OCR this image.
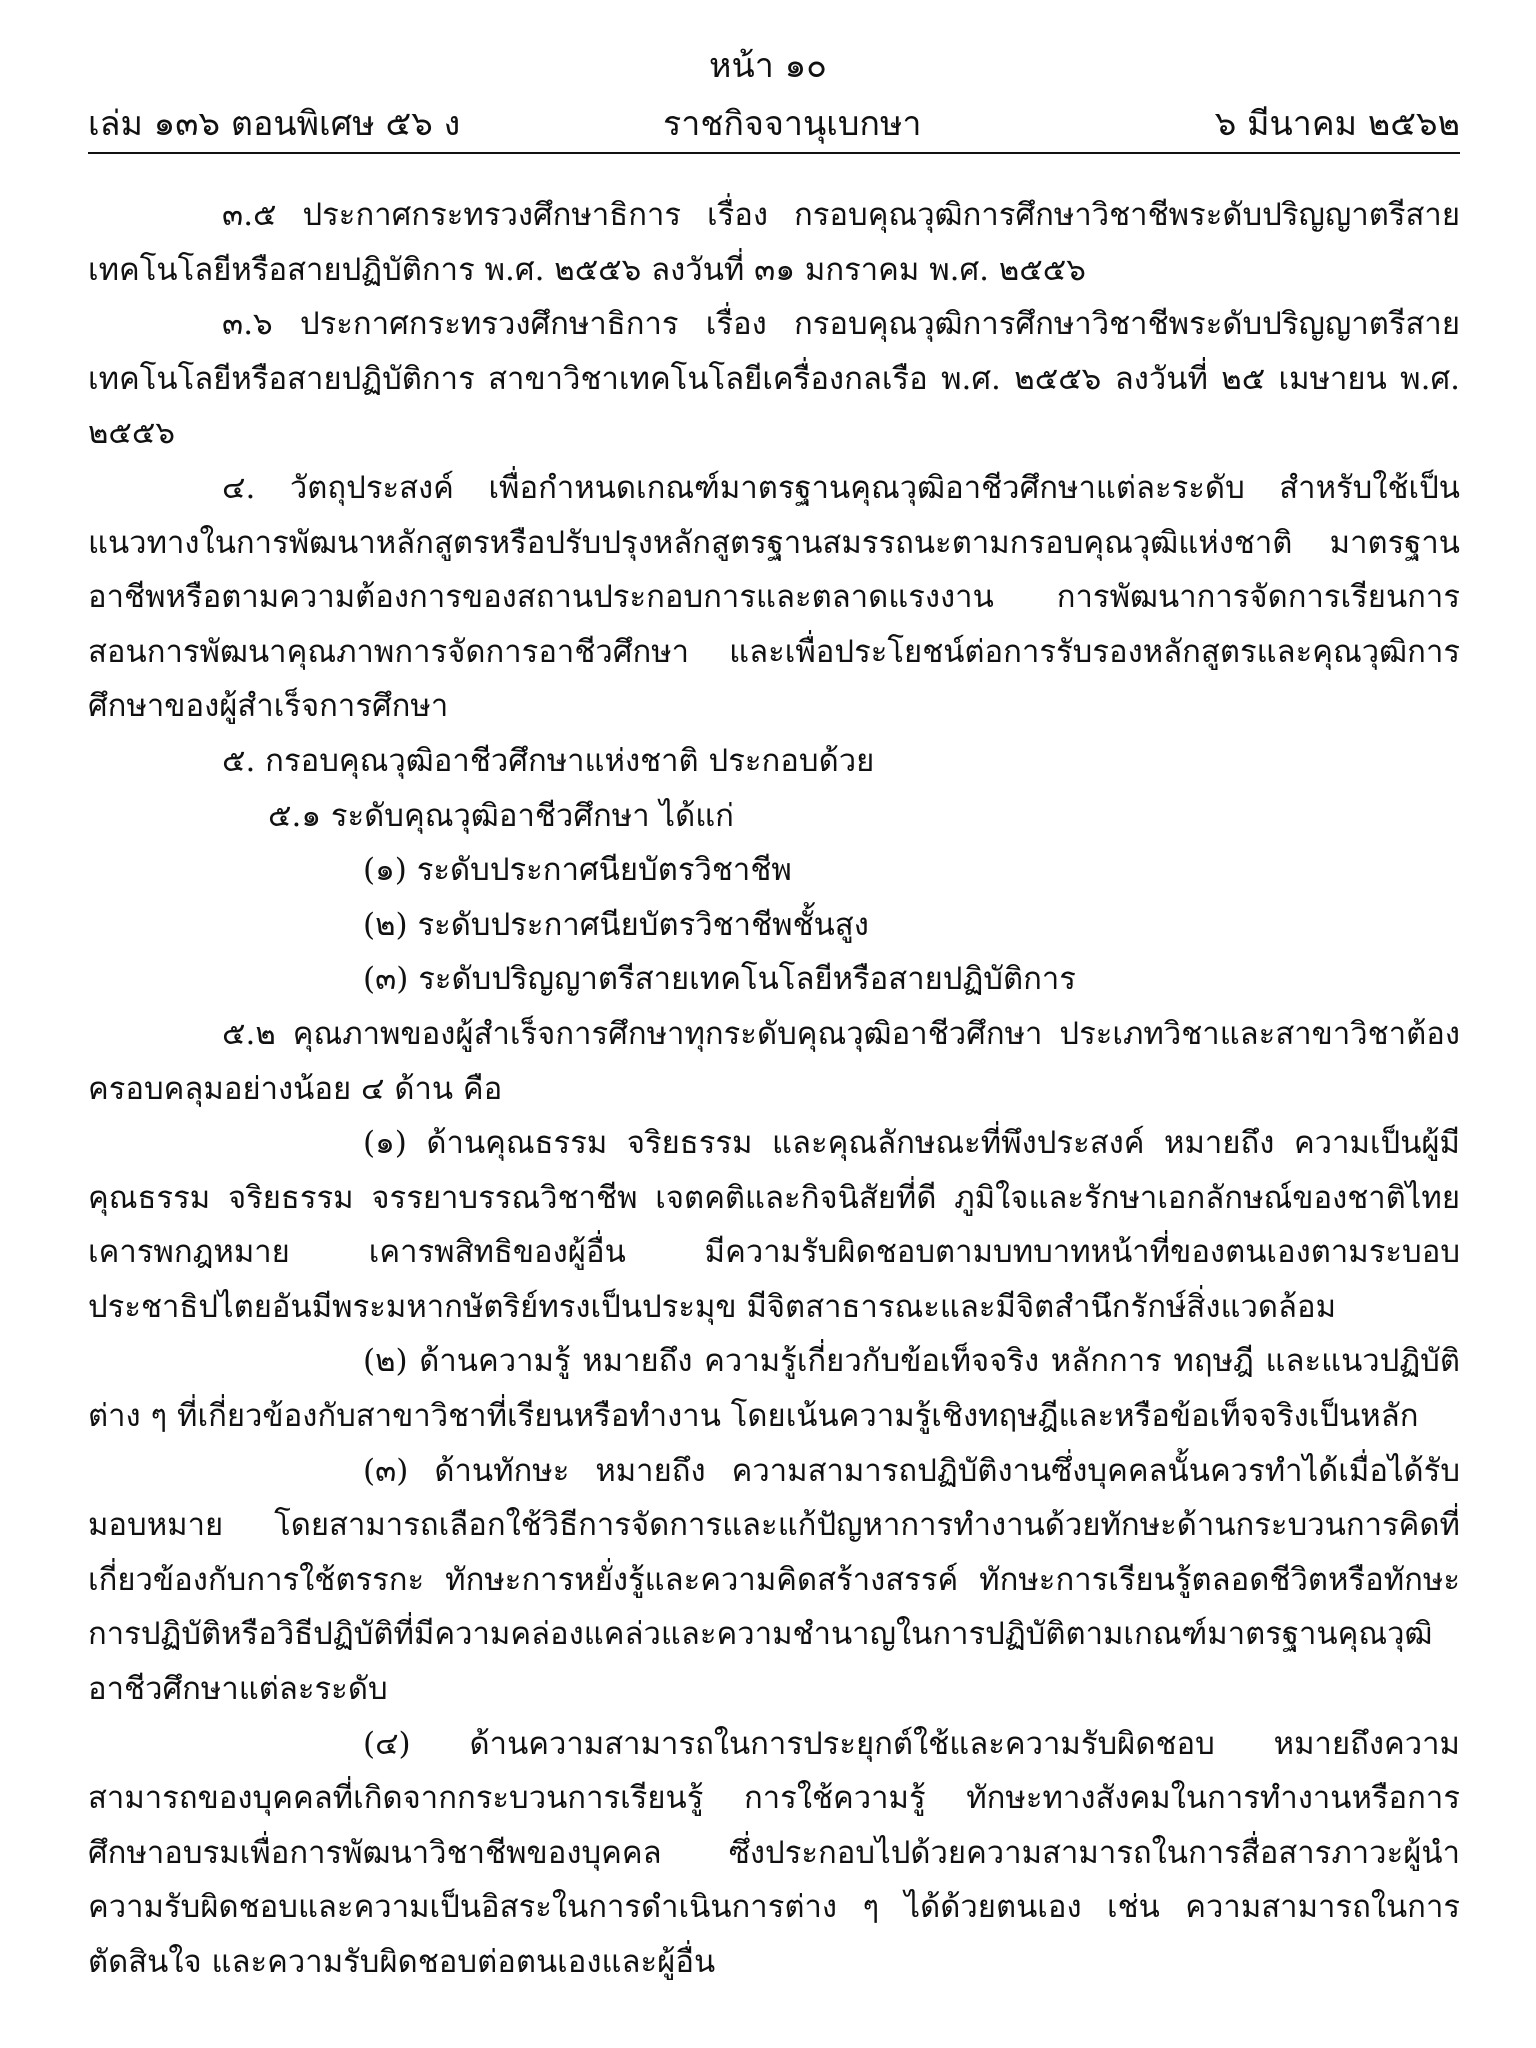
หน้า ๑๐
เล่ม ๑๓๖ ตอนพิเศษ ๕๖ ง	ราชกิจจานุเบกษา	๖ มีนาคม ๒๕๖๒

๓.๕ ประกาศกระทรวงศึกษาธิการ เรื่อง กรอบคุณวุฒิการศึกษาวิชาชีพระดับปริญญาตรีสายเทคโนโลยีหรือสายปฏิบัติการ พ.ศ. ๒๕๕๖ ลงวันที่ ๓๑ มกราคม พ.ศ. ๒๕๕๖

๓.๖ ประกาศกระทรวงศึกษาธิการ เรื่อง กรอบคุณวุฒิการศึกษาวิชาชีพระดับปริญญาตรีสายเทคโนโลยีหรือสายปฏิบัติการ สาขาวิชาเทคโนโลยีเครื่องกลเรือ พ.ศ. ๒๕๕๖ ลงวันที่ ๒๕ เมษายน พ.ศ. ๒๕๕๖

๔. วัตถุประสงค์ เพื่อกำหนดเกณฑ์มาตรฐานคุณวุฒิอาชีวศึกษาแต่ละระดับ สำหรับใช้เป็นแนวทางในการพัฒนาหลักสูตรหรือปรับปรุงหลักสูตรฐานสมรรถนะตามกรอบคุณวุฒิแห่งชาติ มาตรฐานอาชีพหรือตามความต้องการของสถานประกอบการและตลาดแรงงาน การพัฒนาการจัดการเรียนการสอนการพัฒนาคุณภาพการจัดการอาชีวศึกษา และเพื่อประโยชน์ต่อการรับรองหลักสูตรและคุณวุฒิการศึกษาของผู้สำเร็จการศึกษา

๕. กรอบคุณวุฒิอาชีวศึกษาแห่งชาติ ประกอบด้วย

๕.๑ ระดับคุณวุฒิอาชีวศึกษา ได้แก่

(๑) ระดับประกาศนียบัตรวิชาชีพ

(๒) ระดับประกาศนียบัตรวิชาชีพชั้นสูง

(๓) ระดับปริญญาตรีสายเทคโนโลยีหรือสายปฏิบัติการ

๕.๒ คุณภาพของผู้สำเร็จการศึกษาทุกระดับคุณวุฒิอาชีวศึกษา ประเภทวิชาและสาขาวิชาต้องครอบคลุมอย่างน้อย ๔ ด้าน คือ

(๑) ด้านคุณธรรม จริยธรรม และคุณลักษณะที่พึงประสงค์ หมายถึง ความเป็นผู้มีคุณธรรม จริยธรรม จรรยาบรรณวิชาชีพ เจตคติและกิจนิสัยที่ดี ภูมิใจและรักษาเอกลักษณ์ของชาติไทย เคารพกฎหมาย เคารพสิทธิของผู้อื่น มีความรับผิดชอบตามบทบาทหน้าที่ของตนเองตามระบอบประชาธิปไตยอันมีพระมหากษัตริย์ทรงเป็นประมุข มีจิตสาธารณะและมีจิตสำนึกรักษ์สิ่งแวดล้อม

(๒) ด้านความรู้ หมายถึง ความรู้เกี่ยวกับข้อเท็จจริง หลักการ ทฤษฎี และแนวปฏิบัติต่าง ๆ ที่เกี่ยวข้องกับสาขาวิชาที่เรียนหรือทำงาน โดยเน้นความรู้เชิงทฤษฎีและหรือข้อเท็จจริงเป็นหลัก

(๓) ด้านทักษะ หมายถึง ความสามารถปฏิบัติงานซึ่งบุคคลนั้นควรทำได้เมื่อได้รับมอบหมาย โดยสามารถเลือกใช้วิธีการจัดการและแก้ปัญหาการทำงานด้วยทักษะด้านกระบวนการคิดที่เกี่ยวข้องกับการใช้ตรรกะ ทักษะการหยั่งรู้และความคิดสร้างสรรค์ ทักษะการเรียนรู้ตลอดชีวิตหรือทักษะการปฏิบัติหรือวิธีปฏิบัติที่มีความคล่องแคล่วและความชำนาญในการปฏิบัติตามเกณฑ์มาตรฐานคุณวุฒิอาชีวศึกษาแต่ละระดับ

(๔) ด้านความสามารถในการประยุกต์ใช้และความรับผิดชอบ หมายถึงความสามารถของบุคคลที่เกิดจากกระบวนการเรียนรู้ การใช้ความรู้ ทักษะทางสังคมในการทำงานหรือการศึกษาอบรมเพื่อการพัฒนาวิชาชีพของบุคคล ซึ่งประกอบไปด้วยความสามารถในการสื่อสารภาวะผู้นำ ความรับผิดชอบและความเป็นอิสระในการดำเนินการต่าง ๆ ได้ด้วยตนเอง เช่น ความสามารถในการตัดสินใจ และความรับผิดชอบต่อตนเองและผู้อื่น
